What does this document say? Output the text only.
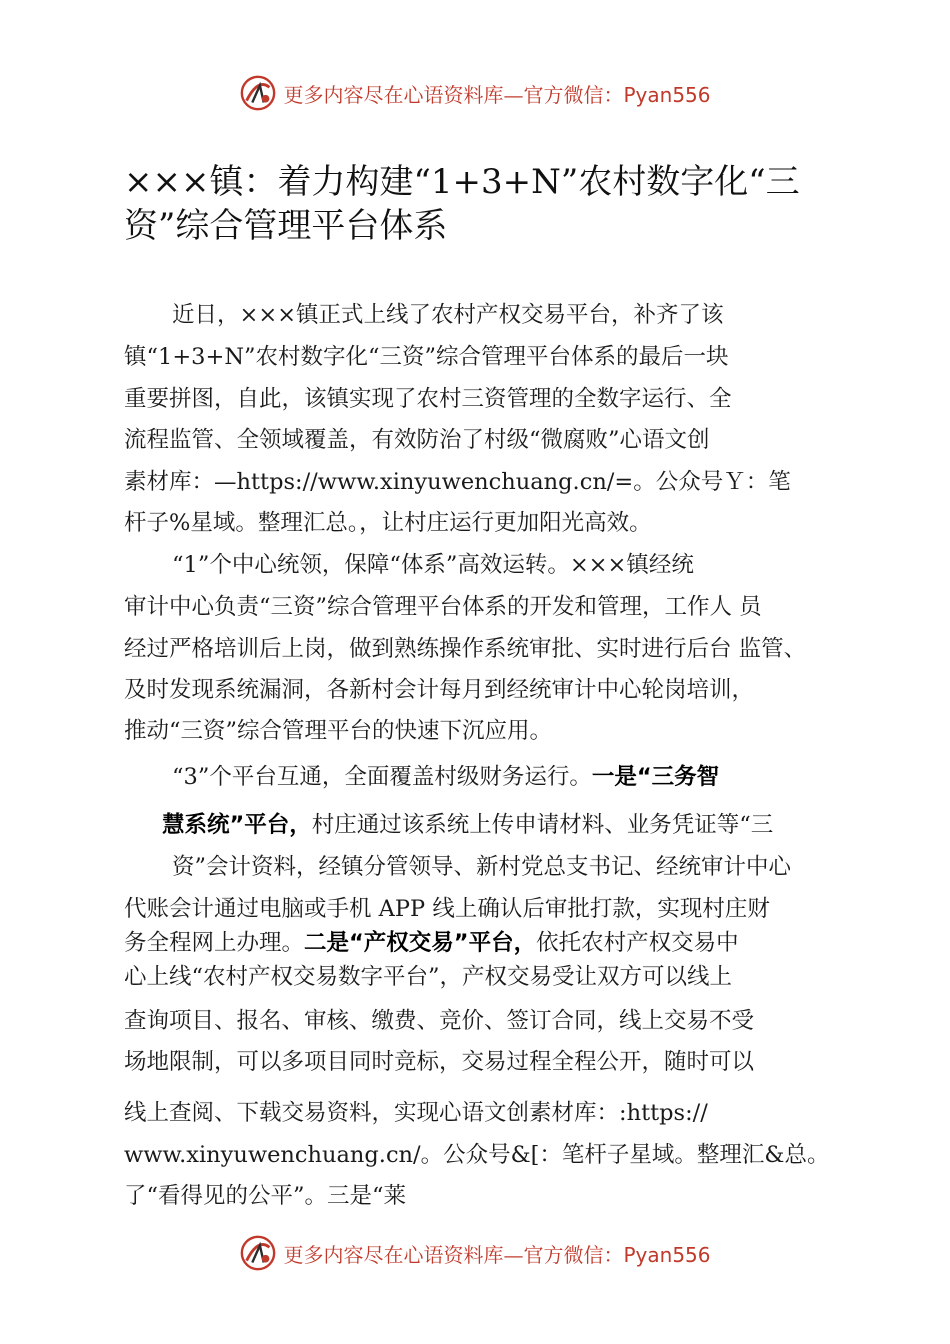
更多内容尽在心语资料库—官方微信：Pyan556
×××镇：着力构建“1+3+N”农村数字化“三
资”综合管理平台体系
近日，×××镇正式上线了农村产权交易平台，补齐了该
镇“1+3+N”农村数字化“三资”综合管理平台体系的最后一块
重要拼图，自此，该镇实现了农村三资管理的全数字运行、全
流程监管、全领域覆盖，有效防治了村级“微腐败”心语文创
素材库：—https://www.xinyuwenchuang.cn/=。公众号Ｙ：笔
杆子%星域。整理汇总。，让村庄运行更加阳光高效。
“1”个中心统领，保障“体系”高效运转。×××镇经统
审计中心负责“三资”综合管理平台体系的开发和管理，工作人 员
经过严格培训后上岗，做到熟练操作系统审批、实时进行后台 监管、
及时发现系统漏洞，各新村会计每月到经统审计中心轮岗培训，
推动“三资”综合管理平台的快速下沉应用。
“3”个平台互通，全面覆盖村级财务运行。一是“三务智
慧系统”平台，村庄通过该系统上传申请材料、业务凭证等“三
资”会计资料，经镇分管领导、新村党总支书记、经统审计中心
代账会计通过电脑或手机 APP 线上确认后审批打款，实现村庄财
务全程网上办理。二是“产权交易”平台，依托农村产权交易中
心上线“农村产权交易数字平台”，产权交易受让双方可以线上
查询项目、报名、审核、缴费、竞价、签订合同，线上交易不受
场地限制，可以多项目同时竞标，交易过程全程公开，随时可以
线上查阅、下载交易资料，实现心语文创素材库：:https://
www.xinyuwenchuang.cn/。公众号&[：笔杆子星域。整理汇&总。
了“看得见的公平”。三是“莱
更多内容尽在心语资料库—官方微信：Pyan556
